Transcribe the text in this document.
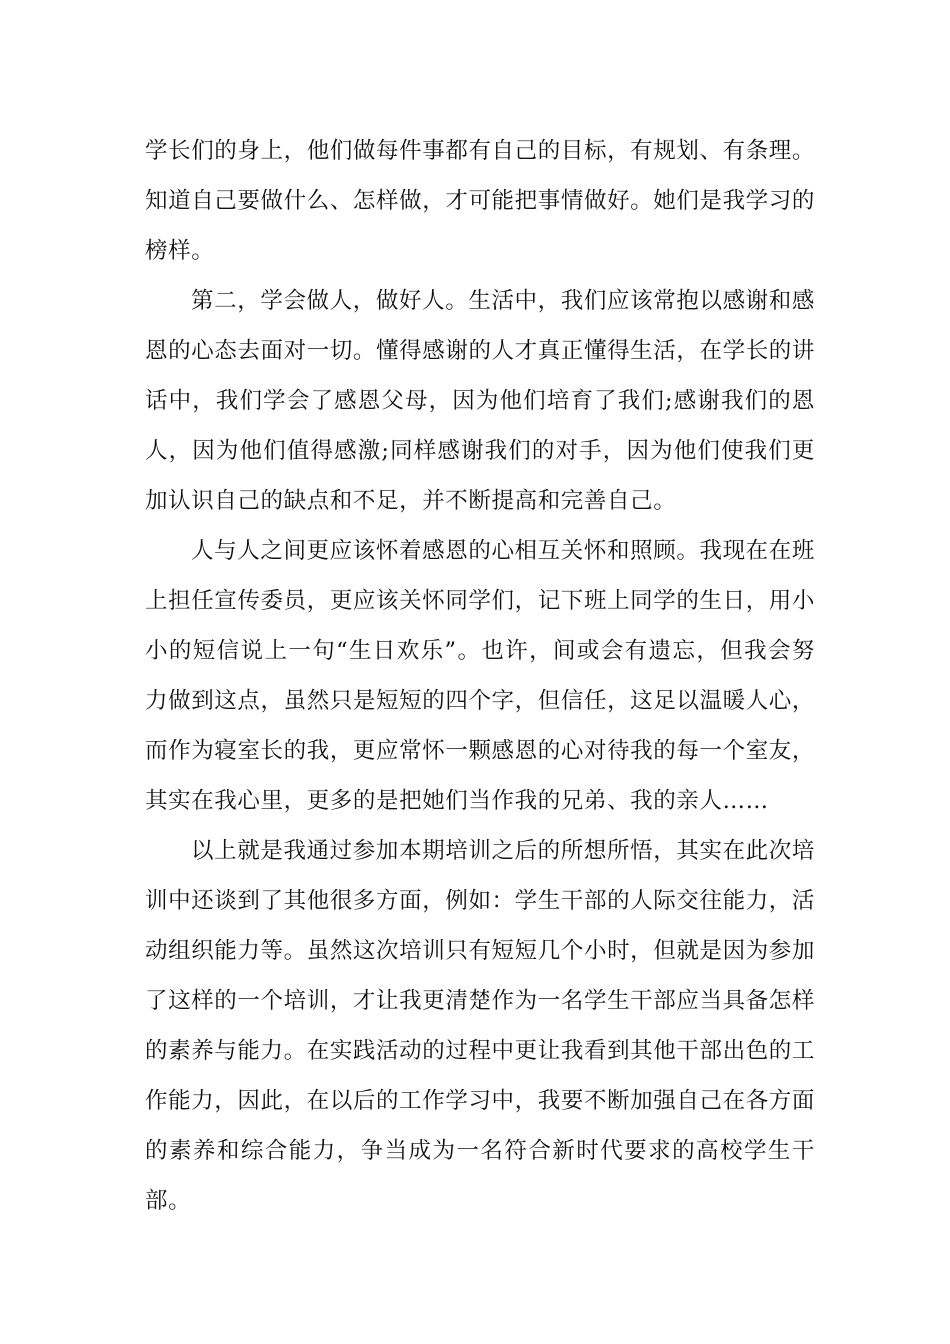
学长们的身上，他们做每件事都有自己的目标，有规划、有条理。知道自己要做什么、怎样做，才可能把事情做好。她们是我学习的榜样。

第二，学会做人，做好人。生活中，我们应该常抱以感谢和感恩的心态去面对一切。懂得感谢的人才真正懂得生活，在学长的讲话中，我们学会了感恩父母，因为他们培育了我们;感谢我们的恩人，因为他们值得感激;同样感谢我们的对手，因为他们使我们更加认识自己的缺点和不足，并不断提高和完善自己。

人与人之间更应该怀着感恩的心相互关怀和照顾。我现在在班上担任宣传委员，更应该关怀同学们，记下班上同学的生日，用小小的短信说上一句“生日欢乐”。也许，间或会有遗忘，但我会努力做到这点，虽然只是短短的四个字，但信任，这足以温暖人心，而作为寝室长的我，更应常怀一颗感恩的心对待我的每一个室友，其实在我心里，更多的是把她们当作我的兄弟、我的亲人……

以上就是我通过参加本期培训之后的所想所悟，其实在此次培训中还谈到了其他很多方面，例如：学生干部的人际交往能力，活动组织能力等。虽然这次培训只有短短几个小时，但就是因为参加了这样的一个培训，才让我更清楚作为一名学生干部应当具备怎样的素养与能力。在实践活动的过程中更让我看到其他干部出色的工作能力，因此，在以后的工作学习中，我要不断加强自己在各方面的素养和综合能力，争当成为一名符合新时代要求的高校学生干部。
